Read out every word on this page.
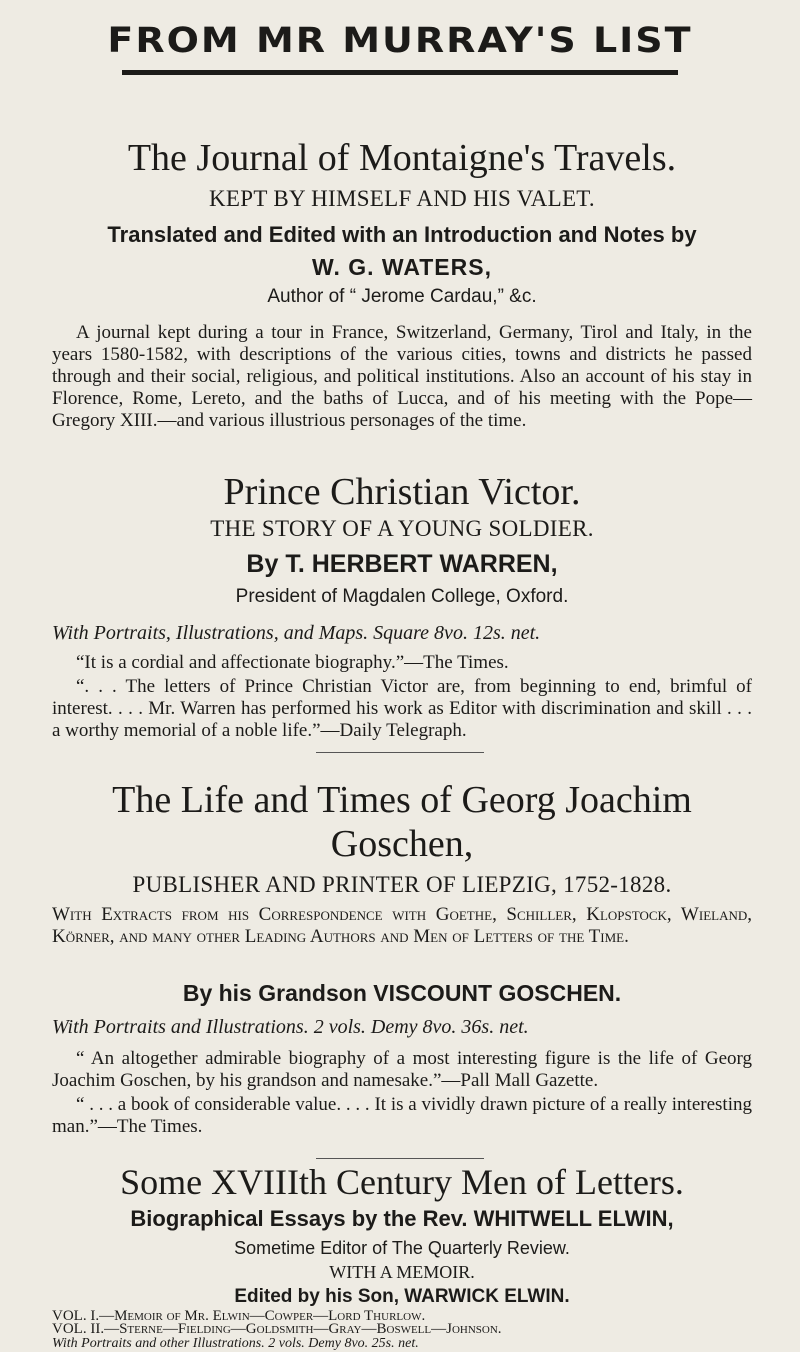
FROM MR MURRAY'S LIST
The Journal of Montaigne's Travels.
KEPT BY HIMSELF AND HIS VALET.
Translated and Edited with an Introduction and Notes by
W. G. WATERS,
Author of “ Jerome Cardau,” &c.
A journal kept during a tour in France, Switzerland, Germany, Tirol and Italy, in the years 1580-1582, with descriptions of the various cities, towns and districts he passed through and their social, religious, and political institutions. Also an account of his stay in Florence, Rome, Lereto, and the baths of Lucca, and of his meeting with the Pope—Gregory XIII.—and various illustrious personages of the time.
Prince Christian Victor.
THE STORY OF A YOUNG SOLDIER.
By T. HERBERT WARREN,
President of Magdalen College, Oxford.
With Portraits, Illustrations, and Maps. Square 8vo. 12s. net.
“It is a cordial and affectionate biography.”—The Times.
“. . . The letters of Prince Christian Victor are, from beginning to end, brimful of interest. . . . Mr. Warren has performed his work as Editor with discrimination and skill . . . a worthy memorial of a noble life.”—Daily Telegraph.
The Life and Times of Georg Joachim
Goschen,
PUBLISHER AND PRINTER OF LIEPZIG, 1752-1828.
With Extracts from his Correspondence with Goethe, Schiller, Klopstock, Wieland, Körner, and many other Leading Authors and Men of Letters of the Time.
By his Grandson VISCOUNT GOSCHEN.
With Portraits and Illustrations. 2 vols. Demy 8vo. 36s. net.
“ An altogether admirable biography of a most interesting figure is the life of Georg Joachim Goschen, by his grandson and namesake.”—Pall Mall Gazette.
“ . . . a book of considerable value. . . . It is a vividly drawn picture of a really interesting man.”—The Times.
Some XVIIIth Century Men of Letters.
Biographical Essays by the Rev. WHITWELL ELWIN,
Sometime Editor of The Quarterly Review.
WITH A MEMOIR.
Edited by his Son, WARWICK ELWIN.
VOL. I.—Memoir of Mr. Elwin—Cowper—Lord Thurlow.
VOL. II.—Sterne—Fielding—Goldsmith—Gray—Boswell—Johnson.
With Portraits and other Illustrations. 2 vols. Demy 8vo. 25s. net.
